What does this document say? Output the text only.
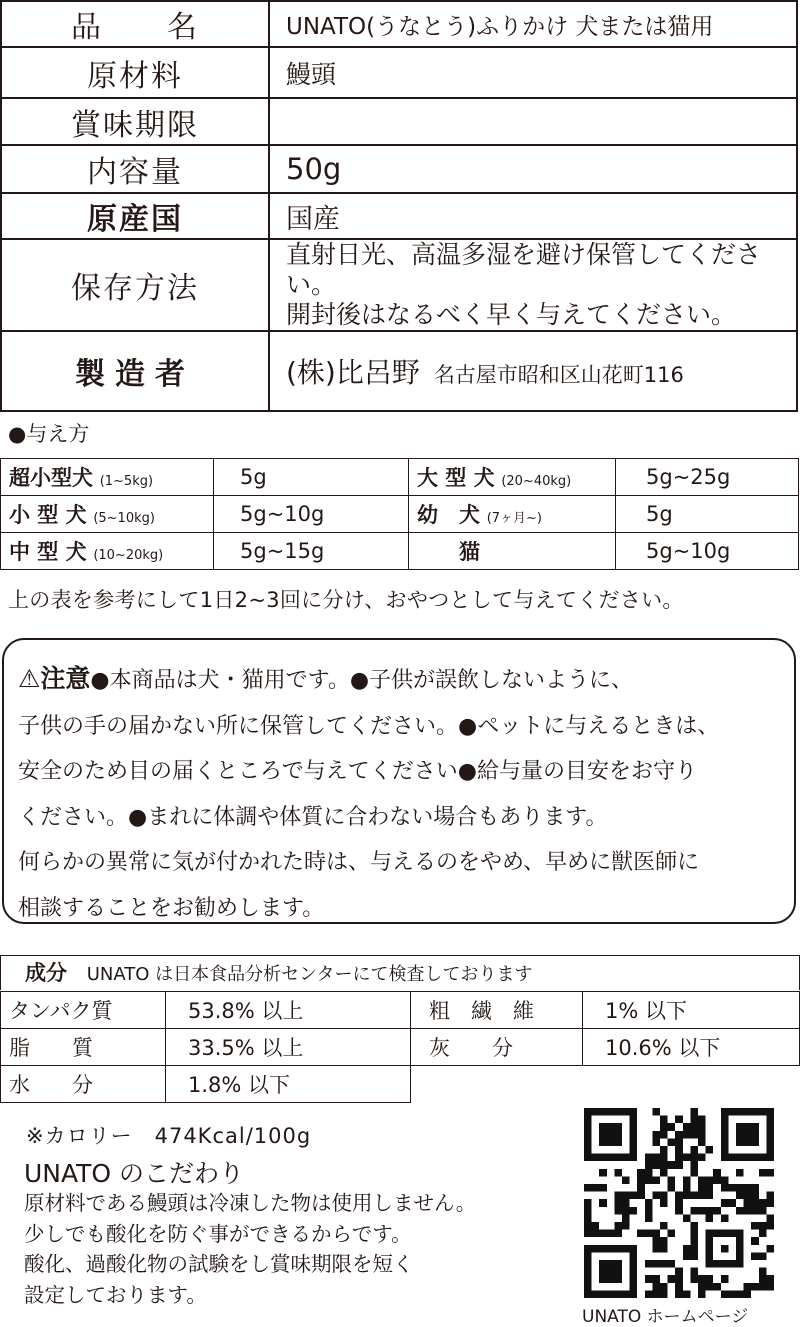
品　　名	UNATO(うなとう)ふりかけ 犬または猫用
原材料	鰻頭
賞味期限	
内容量	50g
原産国	国産
保存方法	直射日光、高温多湿を避け保管してください。
開封後はなるべく早く与えてください。

製造者	(株)比呂野 名古屋市昭和区山花町116
●与え方
超小型犬 (1~5kg)	5g	大 型 犬 (20~40kg)	5g~25g
小 型 犬 (5~10kg)	5g~10g	幼　犬 (7ヶ月~)	5g
中 型 犬 (10~20kg)	5g~15g	猫	5g~10g
上の表を参考にして1日2~3回に分け、おやつとして与えてください。
⚠注意●本商品は犬・猫用です。●子供が誤飲しないように、
子供の手の届かない所に保管してください。●ペットに与えるときは、
安全のため目の届くところで与えてください●給与量の目安をお守り
ください。●まれに体調や体質に合わない場合もあります。
何らかの異常に気が付かれた時は、与えるのをやめ、早めに獣医師に
相談することをお勧めします。
成分 UNATO は日本食品分析センターにて検査しております
タンパク質	53.8% 以上	粗　繊　維	1% 以下
脂　　質	33.5% 以上	灰　　分	10.6% 以下
水　　分	1.8% 以下		
※カロリー　474Kcal/100g
UNATO のこだわり
原材料である鰻頭は冷凍した物は使用しません。
少しでも酸化を防ぐ事ができるからです。
酸化、過酸化物の試験をし賞味期限を短く
設定しております。
UNATO ホームページ
